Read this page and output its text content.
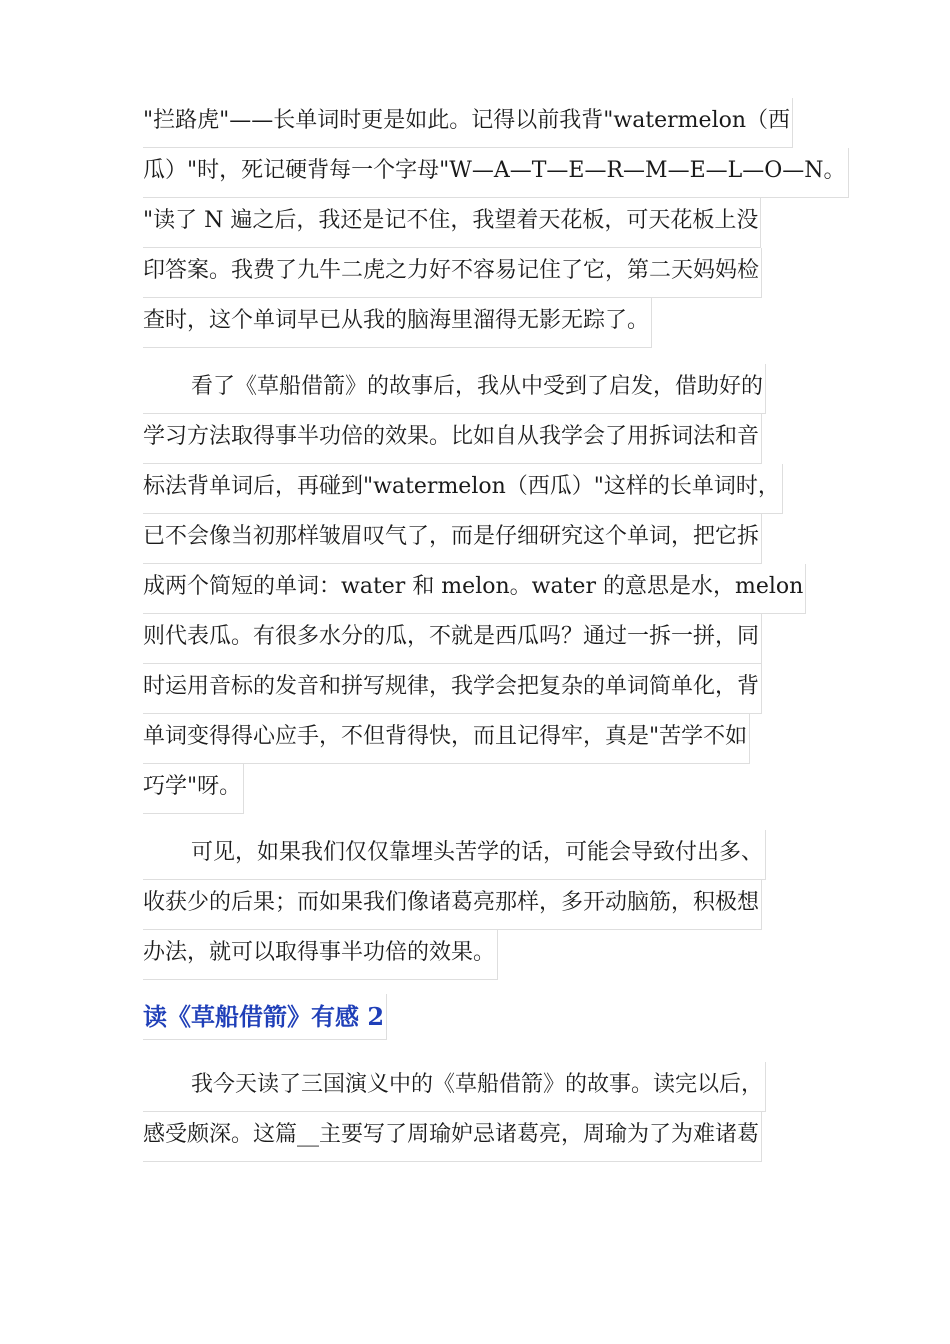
"拦路虎"——长单词时更是如此。记得以前我背"watermelon（西
瓜）"时，死记硬背每一个字母"W—A—T—E—R—M—E—L—O—N。
"读了 N 遍之后，我还是记不住，我望着天花板，可天花板上没
印答案。我费了九牛二虎之力好不容易记住了它，第二天妈妈检
查时，这个单词早已从我的脑海里溜得无影无踪了。
看了《草船借箭》的故事后，我从中受到了启发，借助好的
学习方法取得事半功倍的效果。比如自从我学会了用拆词法和音
标法背单词后，再碰到"watermelon（西瓜）"这样的长单词时，
已不会像当初那样皱眉叹气了，而是仔细研究这个单词，把它拆
成两个简短的单词：water 和 melon。water 的意思是水，melon
则代表瓜。有很多水分的瓜，不就是西瓜吗？通过一拆一拼，同
时运用音标的发音和拼写规律，我学会把复杂的单词简单化，背
单词变得得心应手，不但背得快，而且记得牢，真是"苦学不如
巧学"呀。
可见，如果我们仅仅靠埋头苦学的话，可能会导致付出多、
收获少的后果；而如果我们像诸葛亮那样，多开动脑筋，积极想
办法，就可以取得事半功倍的效果。
读《草船借箭》有感 2
我今天读了三国演义中的《草船借箭》的故事。读完以后，
感受颇深。这篇__主要写了周瑜妒忌诸葛亮，周瑜为了为难诸葛
